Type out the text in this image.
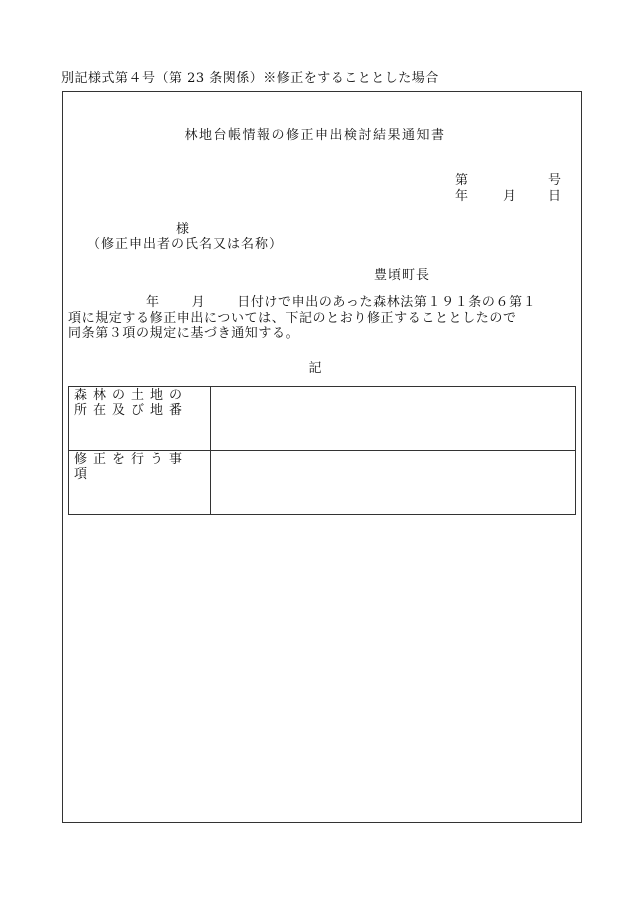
別記様式第４号（第 23 条関係）※修正をすることとした場合
林地台帳情報の修正申出検討結果通知書
第	号
年	月 日
様
（修正申出者の氏名又は名称）
豊頃町長
年 月 日付けで申出のあった森林法第１９１条の６第１
項に規定する修正申出については、下記のとおり修正することとしたので
同条第３項の規定に基づき通知する。
記
森林の土地の
所在及び地番	

修正を行う事項	
